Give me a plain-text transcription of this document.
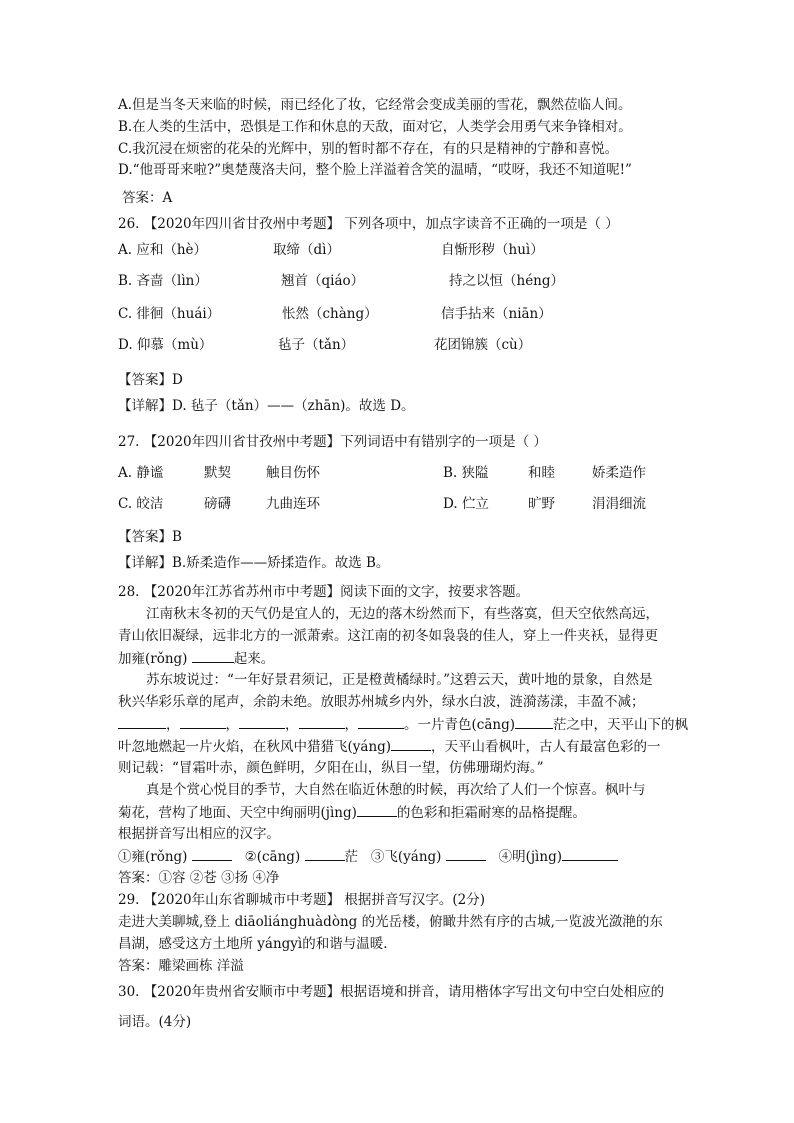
A.但是当冬天来临的时候，雨已经化了妆，它经常会变成美丽的雪花，飘然莅临人间。
B.在人类的生活中，恐惧是工作和休息的天敌，面对它，人类学会用勇气来争锋相对。
C.我沉浸在烦密的花朵的光辉中，别的暂时都不存在，有的只是精神的宁静和喜悦。
D.“他哥哥来啦?”奥楚蔑洛夫问，整个脸上洋溢着含笑的温晴，“哎呀，我还不知道呢!”
答案：A
26. 【2020年四川省甘孜州中考题】 下列各项中，加点字读音不正确的一项是（ ）
A. 应和（hè）	取缔（dì）	自惭形秽（huì）
B. 吝啬（lìn）	翘首（qiáo）	持之以恒（héng）
C. 徘徊（huái）	怅然（chàng）	信手拈来（niān）
D. 仰慕（mù）	毡子（tǎn）	花团锦簇（cù）
【答案】D
【详解】D. 毡子（tǎn）——（zhān)。故选 D。
27. 【2020年四川省甘孜州中考题】下列词语中有错别字的一项是（ ）
A. 静谧	默契	触目伤怀	B. 狭隘	和睦	娇柔造作
C. 皎洁	磅礴	九曲连环	D. 伫立	旷野	涓涓细流
【答案】B
【详解】B.矫柔造作——矫揉造作。故选 B。
28. 【2020年江苏省苏州市中考题】阅读下面的文字，按要求答题。
江南秋末冬初的天气仍是宜人的，无边的落木纷然而下，有些落寞，但天空依然高远，
青山依旧凝绿，远非北方的一派萧索。这江南的初冬如袅袅的佳人，穿上一件夹袄，显得更
加雍(rǒng)	起来。
苏东坡说过：“一年好景君须记，正是橙黄橘绿时。”这碧云天，黄叶地的景象，自然是
秋兴华彩乐章的尾声，余韵未绝。放眼苏州城乡内外，绿水白波，涟漪荡漾，丰盈不减；
，	，	，	，	。一片青色(cāng)	茫之中，天平山下的枫
叶忽地燃起一片火焰，在秋风中猎猎飞(yáng)	，天平山看枫叶，古人有最富色彩的一
则记载：“冒霜叶赤，颜色鲜明，夕阳在山，纵目一望，仿佛珊瑚灼海。”
真是个赏心悦目的季节，大自然在临近休憩的时候，再次给了人们一个惊喜。枫叶与
菊花，营构了地面、天空中绚丽明(jìng)	的色彩和拒霜耐寒的品格提醒。
根据拼音写出相应的汉字。
①雍(rǒng)	②(cāng)	茫 ③飞(yáng)	④明(jìng)
答案：①容 ②苍 ③扬 ④净
29. 【2020年山东省聊城市中考题】 根据拼音写汉字。(2分)
走进大美聊城,登上 diāoliánghuàdòng 的光岳楼，俯瞰井然有序的古城,一览波光潋滟的东
昌湖，感受这方土地所 yángyì的和谐与温暖.
答案：雕梁画栋 洋溢
30. 【2020年贵州省安顺市中考题】根据语境和拼音，请用楷体字写出文句中空白处相应的
词语。(4分)
